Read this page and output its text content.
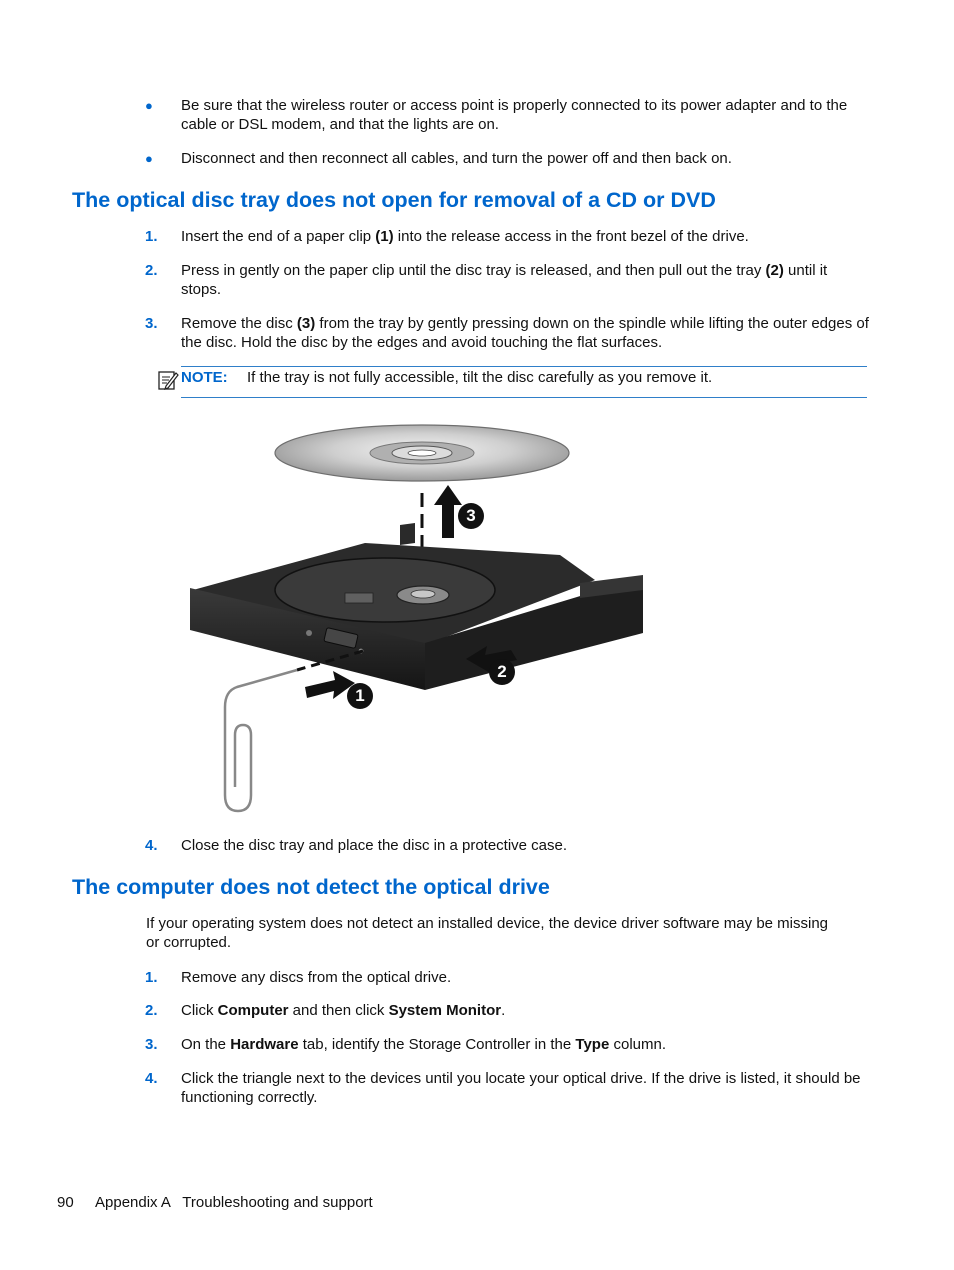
● Be sure that the wireless router or access point is properly connected to its power adapter and to the cable or DSL modem, and that the lights are on.
● Disconnect and then reconnect all cables, and turn the power off and then back on.
The optical disc tray does not open for removal of a CD or DVD
1. Insert the end of a paper clip (1) into the release access in the front bezel of the drive.
2. Press in gently on the paper clip until the disc tray is released, and then pull out the tray (2) until it stops.
3. Remove the disc (3) from the tray by gently pressing down on the spindle while lifting the outer edges of the disc. Hold the disc by the edges and avoid touching the flat surfaces.
NOTE: If the tray is not fully accessible, tilt the disc carefully as you remove it.
3
2
1
4. Close the disc tray and place the disc in a protective case.
The computer does not detect the optical drive
If your operating system does not detect an installed device, the device driver software may be missing or corrupted.
1. Remove any discs from the optical drive.
2. Click Computer and then click System Monitor.
3. On the Hardware tab, identify the Storage Controller in the Type column.
4. Click the triangle next to the devices until you locate your optical drive. If the drive is listed, it should be functioning correctly.
90 Appendix A   Troubleshooting and support
